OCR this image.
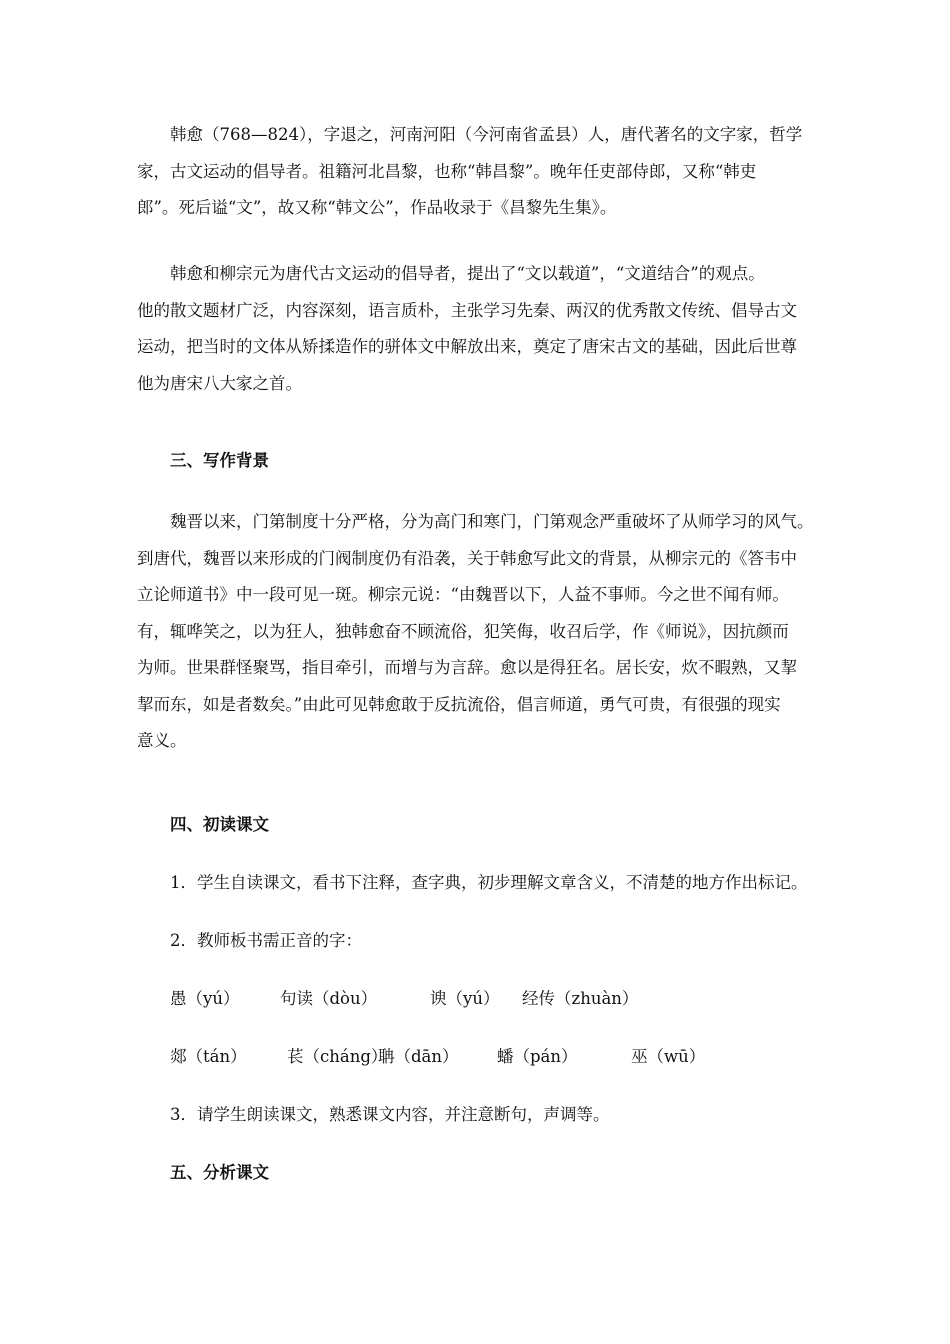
韩愈（768—824），字退之，河南河阳（今河南省孟县）人，唐代著名的文字家，哲学
家，古文运动的倡导者。祖籍河北昌黎，也称“韩昌黎”。晚年任吏部侍郎，又称“韩吏
郎”。死后谥“文”，故又称“韩文公”，作品收录于《昌黎先生集》。
韩愈和柳宗元为唐代古文运动的倡导者，提出了“文以载道”，“文道结合”的观点。
他的散文题材广泛，内容深刻，语言质朴，主张学习先秦、两汉的优秀散文传统、倡导古文
运动，把当时的文体从矫揉造作的骈体文中解放出来，奠定了唐宋古文的基础，因此后世尊
他为唐宋八大家之首。
三、写作背景
魏晋以来，门第制度十分严格，分为高门和寒门，门第观念严重破坏了从师学习的风气。
到唐代，魏晋以来形成的门阀制度仍有沿袭，关于韩愈写此文的背景，从柳宗元的《答韦中
立论师道书》中一段可见一斑。柳宗元说：“由魏晋以下，人益不事师。今之世不闻有师。
有，辄哗笑之，以为狂人，独韩愈奋不顾流俗，犯笑侮，收召后学，作《师说》，因抗颜而
为师。世果群怪聚骂，指目牵引，而增与为言辞。愈以是得狂名。居长安，炊不暇熟，又挈
挈而东，如是者数矣。”由此可见韩愈敢于反抗流俗，倡言师道，勇气可贵，有很强的现实
意义。
四、初读课文

1．学生自读课文，看书下注释，查字典，初步理解文章含义，不清楚的地方作出标记。

2．教师板书需正音的字：

愚（yú） 句读（dòu）	谀（yú） 经传（zhuàn）
郯（tán） 苌（cháng）
聃（dān） 蟠（pán）	巫（wū）

3．请学生朗读课文，熟悉课文内容，并注意断句，声调等。

五、分析课文
